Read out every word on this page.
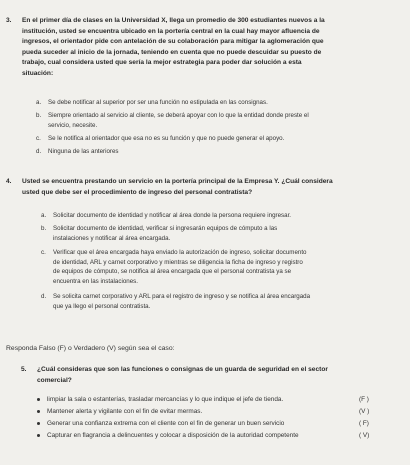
3. En el primer día de clases en la Universidad X, llega un promedio de 300 estudiantes nuevos a la
institución, usted se encuentra ubicado en la portería central en la cual hay mayor afluencia de
ingresos, el orientador pide con antelación de su colaboración para mitigar la aglomeración que
pueda suceder al inicio de la jornada, teniendo en cuenta que no puede descuidar su puesto de
trabajo, cual considera usted que sería la mejor estrategia para poder dar solución a esta
situación:
a. Se debe notificar al superior por ser una función no estipulada en las consignas.
b. Siempre orientado al servicio al cliente, se deberá apoyar con lo que la entidad donde preste el
servicio, necesite.
c. Se le notifica al orientador que esa no es su función y que no puede generar el apoyo.
d. Ninguna de las anteriores
4. Usted se encuentra prestando un servicio en la portería principal de la Empresa Y. ¿Cuál considera
usted que debe ser el procedimiento de ingreso del personal contratista?
a. Solicitar documento de identidad y notificar al área donde la persona requiere ingresar.
b. Solicitar documento de identidad, verificar si ingresarán equipos de cómputo a las
instalaciones y notificar al área encargada.
c. Verificar que el área encargada haya enviado la autorización de ingreso, solicitar documento
de identidad, ARL y carnet corporativo y mientras se diligencia la ficha de ingreso y registro
de equipos de cómputo, se notifica al área encargada que el personal contratista ya se
encuentra en las instalaciones.
d. Se solicita carnet corporativo y ARL para el registro de ingreso y se notifica al área encargada
que ya llego el personal contratista.
Responda Falso (F) o Verdadero (V) según sea el caso:
5. ¿Cuál consideras que son las funciones o consignas de un guarda de seguridad en el sector
comercial?
limpiar la sala o estanterías, trasladar mercancías y lo que indique el jefe de tienda.	(F )
Mantener alerta y vigilante con el fin de evitar mermas.	(V )
Generar una confianza extrema con el cliente con el fin de generar un buen servicio	( F)
Capturar en flagrancia a delincuentes y colocar a disposición de la autoridad competente	( V)
